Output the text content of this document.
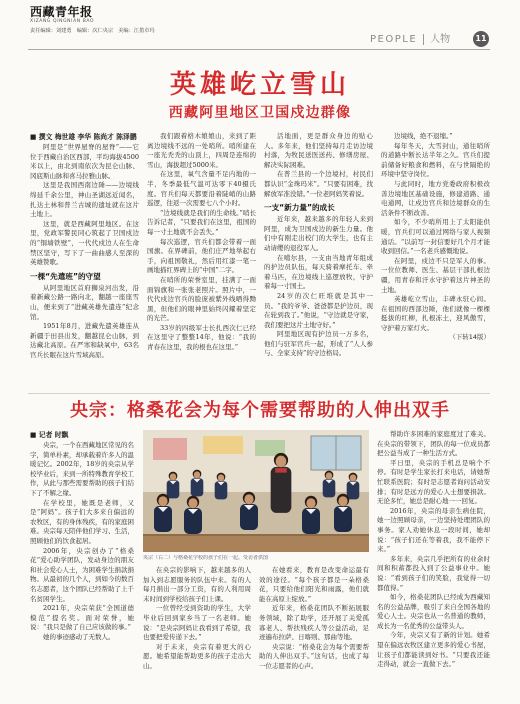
西藏青年报
XIZANG QINGNIAN BAO
责任编辑：刘建勇　编辑：次仁央宗　美编：江措卓玛
PEOPLE	人物	11
英雄屹立雪山
西藏阿里地区卫国戍边群像

■ 撰文 梅世雄 李华 陈尚才 陈泽鹏

阿里是“世界屋脊的屋脊”——它位于西藏自治区西部，平均海拔4500米以上，由北到南依次为昆仑山脉、冈底斯山脉和喜马拉雅山脉。

这里是我国西南边陲——边境线绵延千余公里，神山圣湖远近闻名，扎达土林和普兰古城的遗址就在这片土地上。

这里，就是西藏阿里地区。在这里，党政军警民同心筑起了卫国戍边的“铜墙铁壁”，一代代戍边人在生命禁区坚守，写下了一曲曲感人至深的英雄赞歌。

一棵“先遣班”的守望

从阿里地区首府狮泉河出发，沿着新藏公路一路向北，翻越一座座雪山，便来到了“进藏英雄先遣连”纪念馆。

1951年8月，进藏先遣英雄连从新疆于田县出发，翻越昆仑山脉，到达藏北高原。在严寒和缺氧中，63名官兵长眠在这片雪域高原。

我们跟着格木娘娘山，来到了距离边境线不远的一处哨所。哨所建在一座光秃秃的山顶上，四周是连绵的雪山，海拔超过5000米。

在这里，氧气含量不足内地的一半，冬季最低气温可达零下40摄氏度。官兵们每天都要沿着陡峭的山路巡逻，往返一次需要七八个小时。

“边境线就是我们的生命线。”哨长告诉记者，“只要我们在这里，祖国的每一寸土地就不会丢失。”

每次巡逻，官兵们都会带着一面国旗。在界碑前，他们庄严地举起右手，向祖国敬礼，然后用红漆一笔一画地描红界碑上的“中国”二字。

在哨所的荣誉室里，挂满了一面面锦旗和一张张老照片。照片中，一代代戍边官兵的脸庞被紫外线晒得黝黑，但他们的眼神里始终闪耀着坚定的光芒。

33岁的四级军士长扎西次仁已经在这里守了整整14年，他说：“我的青春在这里，我的根也在这里。”

活地面，更是群众身边的贴心人。多年来，他们坚持每月走访边境村落，为牧民送医送药、修缮房屋、解决实际困难。

在普兰县的一个边境村，村民们都认识“金珠玛米”。“只要有困难，找解放军准没错。”一位老阿妈笑着说。

一支“新力量”的成长

近年来，越来越多的年轻人来到阿里，成为卫国戍边的新生力量。他们中有刚走出校门的大学生，也有主动请缨的退役军人。

在噶尔县，一支由当地青年组成的护边员队伍，每天骑着摩托车、牵着马匹，在边境线上巡逻放牧，守护着每一寸国土。

24岁的次仁旺堆就是其中一员。“我的爷爷、爸爸都是护边员，现在轮到我了。”他说，“守边就是守家，我们要把这片土地守好。”

阿里地区现有护边员一万多名，他们与驻军官兵一起，形成了“人人参与、全家支持”的守边格局。

边境线，绝不退缩。”

每年冬天，大雪封山，通往哨所的道路中断长达半年之久。官兵们提前储备好粮食和燃料，在与世隔绝的环境中坚守岗位。

与此同时，地方党委政府积极改善边境地区基础设施，修建道路、通电通网，让戍边官兵和边境群众的生活条件不断改善。

如今，不少哨所用上了太阳能供暖，官兵们可以通过网络与家人视频通话。“以前写一封信要好几个月才能收到回信。”一名老兵感慨地说。

在阿里，戍边不只是军人的事。一位位教师、医生、基层干部扎根边疆，用青春和汗水守护着这片神圣的土地。

英雄屹立雪山，丰碑永驻心间。在祖国的西部边陲，他们就像一棵棵挺拔的红柳，扎根冻土，迎风傲雪，守护着万家灯火。

（下转14版）

央宗：格桑花会为每个需要帮助的人伸出双手

■ 记者 时飘

央宗，一个在西藏地区常见的名字，简单朴素，却承载着许多人的温暖记忆。2002年，18岁的央宗从学校毕业后，来到一所特殊教育学校工作，从此与那些需要帮助的孩子们结下了不解之缘。

在学校里，她既是老师，又是“阿妈”。孩子们大多来自偏远的农牧区，有的身体残疾，有的家庭困难。央宗每天陪伴他们学习、生活，照顾他们的饮食起居。

2006年，央宗创办了“格桑花”爱心助学团队，发动身边的朋友和社会爱心人士，为困难学生捐款捐物。从最初的几个人，到如今的数百名志愿者，这个团队已经帮助了上千名贫困学生。

2021年，央宗荣获“全国道德模范”提名奖。面对荣誉，她说：“我只是做了自己应该做的事。”

她的事迹感动了无数人。

央宗（右二）与格桑花学校的孩子们在一起。受访者供图

在央宗的影响下，越来越多的人加入到志愿服务的队伍中来。有的人每月捐出一部分工资，有的人利用周末时间到学校给孩子们上课。

一位曾经受到资助的学生，大学毕业后回到家乡当了一名老师。她说：“是央宗阿妈让我看到了希望，我也要把爱传递下去。”

对于未来，央宗有着更大的心愿。她希望能帮助更多的孩子走出大山。

在她看来，教育是改变命运最有效的途径。“每个孩子都是一朵格桑花，只要给他们阳光和雨露，他们就能在高原上绽放。”

近年来，格桑花团队不断拓展服务领域，除了助学，还开展了关爱孤寡老人、帮扶残疾人等公益活动，足迹遍布拉萨、日喀则、那曲等地。

央宗说：“格桑花会为每个需要帮助的人伸出双手。”这句话，也成了每一位志愿者的心声。

帮助许多困难的家庭度过了难关。在央宗的带领下，团队的每一位成员都把公益当成了一种生活方式。

平日里，央宗的手机总是响个不停。有时是学生家长打来电话，请她帮忙联系医院；有时是志愿者询问活动安排；有时是远方的爱心人士想要捐款。无论多忙，她总是耐心地一一回复。

2016年，央宗的母亲生病住院，她一边照顾母亲，一边坚持处理团队的事务。家人劝她休息一段时间，她却说：“孩子们还在等着我，我不能停下来。”

多年来，央宗几乎把所有的业余时间和积蓄都投入到了公益事业中。她说：“看到孩子们的笑脸，我觉得一切都值得。”

如今，格桑花团队已经成为西藏知名的公益品牌，吸引了来自全国各地的爱心人士。央宗也从一名普通的教师，成长为一名优秀的公益带头人。

今年，央宗又有了新的计划。她希望在偏远农牧区建立更多的爱心书屋，让孩子们都能读到好书。“只要我还能走得动，就会一直做下去。”
